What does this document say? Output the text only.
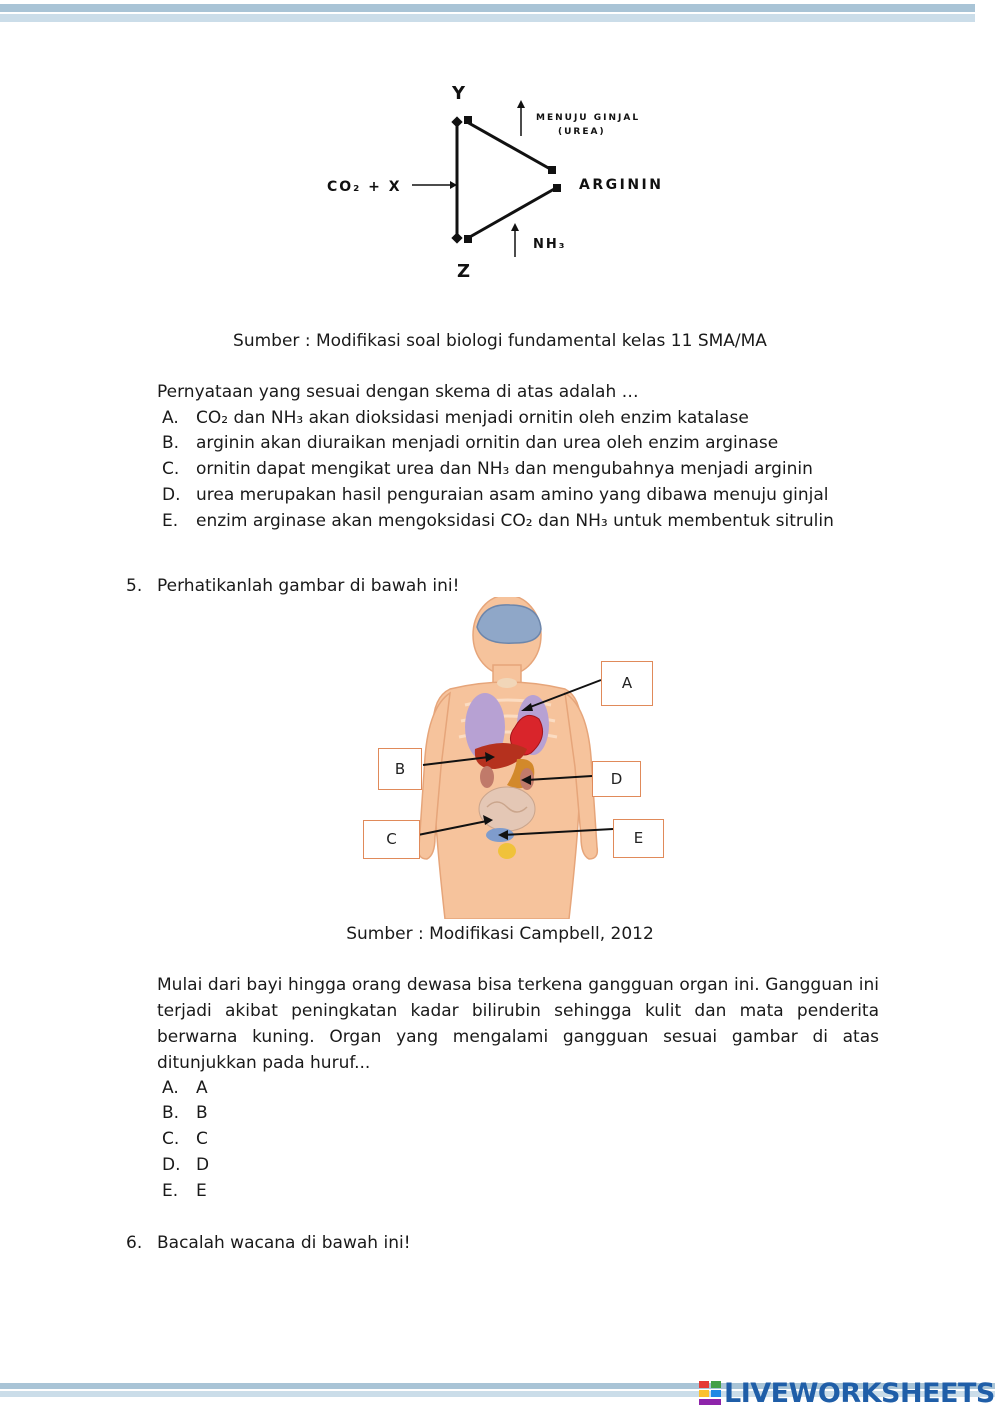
Y
Z
CO₂ + X	ARGININ
MENUJU GINJAL
(UREA)
NH₃
Sumber : Modifikasi soal biologi fundamental kelas 11 SMA/MA
Pernyataan yang sesuai dengan skema di atas adalah …
A. CO₂ dan NH₃ akan dioksidasi menjadi ornitin oleh enzim katalase
B. arginin akan diuraikan menjadi ornitin dan urea oleh enzim arginase
C. ornitin dapat mengikat urea dan NH₃ dan mengubahnya menjadi arginin
D. urea merupakan hasil penguraian asam amino yang dibawa menuju ginjal
E. enzim arginase akan mengoksidasi CO₂ dan NH₃ untuk membentuk sitrulin
5. Perhatikanlah gambar di bawah ini!
A
B
D
C	E
Sumber : Modifikasi Campbell, 2012
Mulai dari bayi hingga orang dewasa bisa terkena gangguan organ ini. Gangguan ini terjadi akibat peningkatan kadar bilirubin sehingga kulit dan mata penderita berwarna kuning. Organ yang mengalami gangguan sesuai gambar di atas ditunjukkan pada huruf...
A. A
B. B
C. C
D. D
E. E
6. Bacalah wacana di bawah ini!
LIVEWORKSHEETS
